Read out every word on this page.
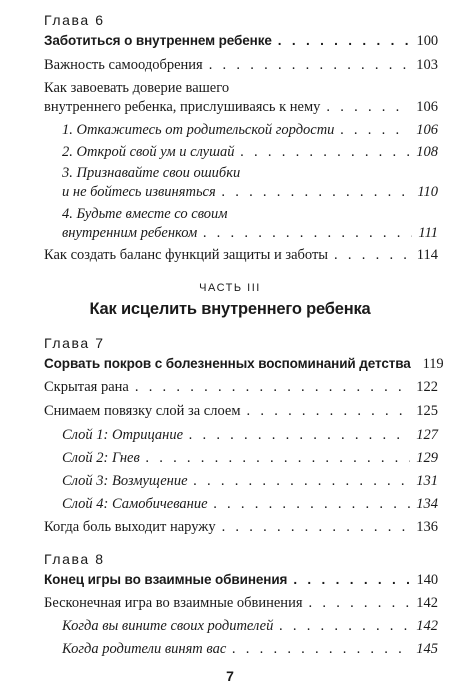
Глава 6
Заботиться о внутреннем ребенке . . .	100
Важность самоодобрения . . .	103
Как завоевать доверие вашего
внутреннего ребенка, прислушиваясь к нему . . .	106
1. Откажитесь от родительской гордости . . .	106
2. Открой свой ум и слушай . . .	108
3. Признавайте свои ошибки
и не бойтесь извиняться . . .	110
4. Будьте вместе со своим
внутренним ребенком . . .	111
Как создать баланс функций защиты и заботы . . .	114
ЧАСТЬ III
Как исцелить внутреннего ребенка
Глава 7
Сорвать покров с болезненных воспоминаний детства 119
Скрытая рана . . .	122
Снимаем повязку слой за слоем . . .	125
Слой 1: Отрицание . . .	127
Слой 2: Гнев . . .	129
Слой 3: Возмущение . . .	131
Слой 4: Самобичевание . . .	134
Когда боль выходит наружу . . .	136
Глава 8
Конец игры во взаимные обвинения . . .	140
Бесконечная игра во взаимные обвинения . . .	142
Когда вы вините своих родителей . . .	142
Когда родители винят вас . . .	145
7
